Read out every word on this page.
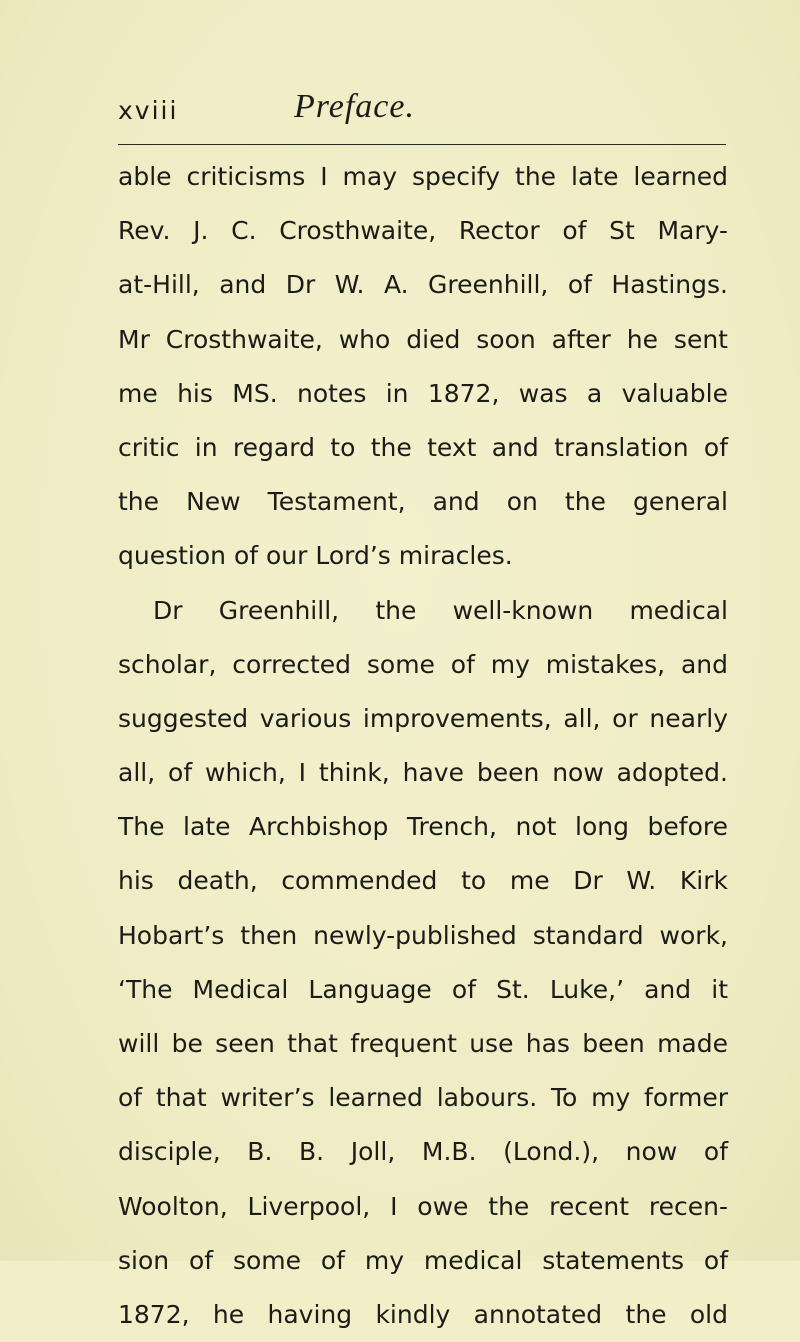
xviii	Preface.
able criticisms I may specify the late learned
Rev. J. C. Crosthwaite, Rector of St Mary-
at-Hill, and Dr W. A. Greenhill, of Hastings.
Mr Crosthwaite, who died soon after he sent
me his MS. notes in 1872, was a valuable
critic in regard to the text and translation of
the New Testament, and on the general
question of our Lord’s miracles.
Dr Greenhill, the well-known medical
scholar, corrected some of my mistakes, and
suggested various improvements, all, or nearly
all, of which, I think, have been now adopted.
The late Archbishop Trench, not long before
his death, commended to me Dr W. Kirk
Hobart’s then newly-published standard work,
‘The Medical Language of St. Luke,’ and it
will be seen that frequent use has been made
of that writer’s learned labours. To my former
disciple, B. B. Joll, M.B. (Lond.), now of
Woolton, Liverpool, I owe the recent recen-
sion of some of my medical statements of
1872, he having kindly annotated the old
